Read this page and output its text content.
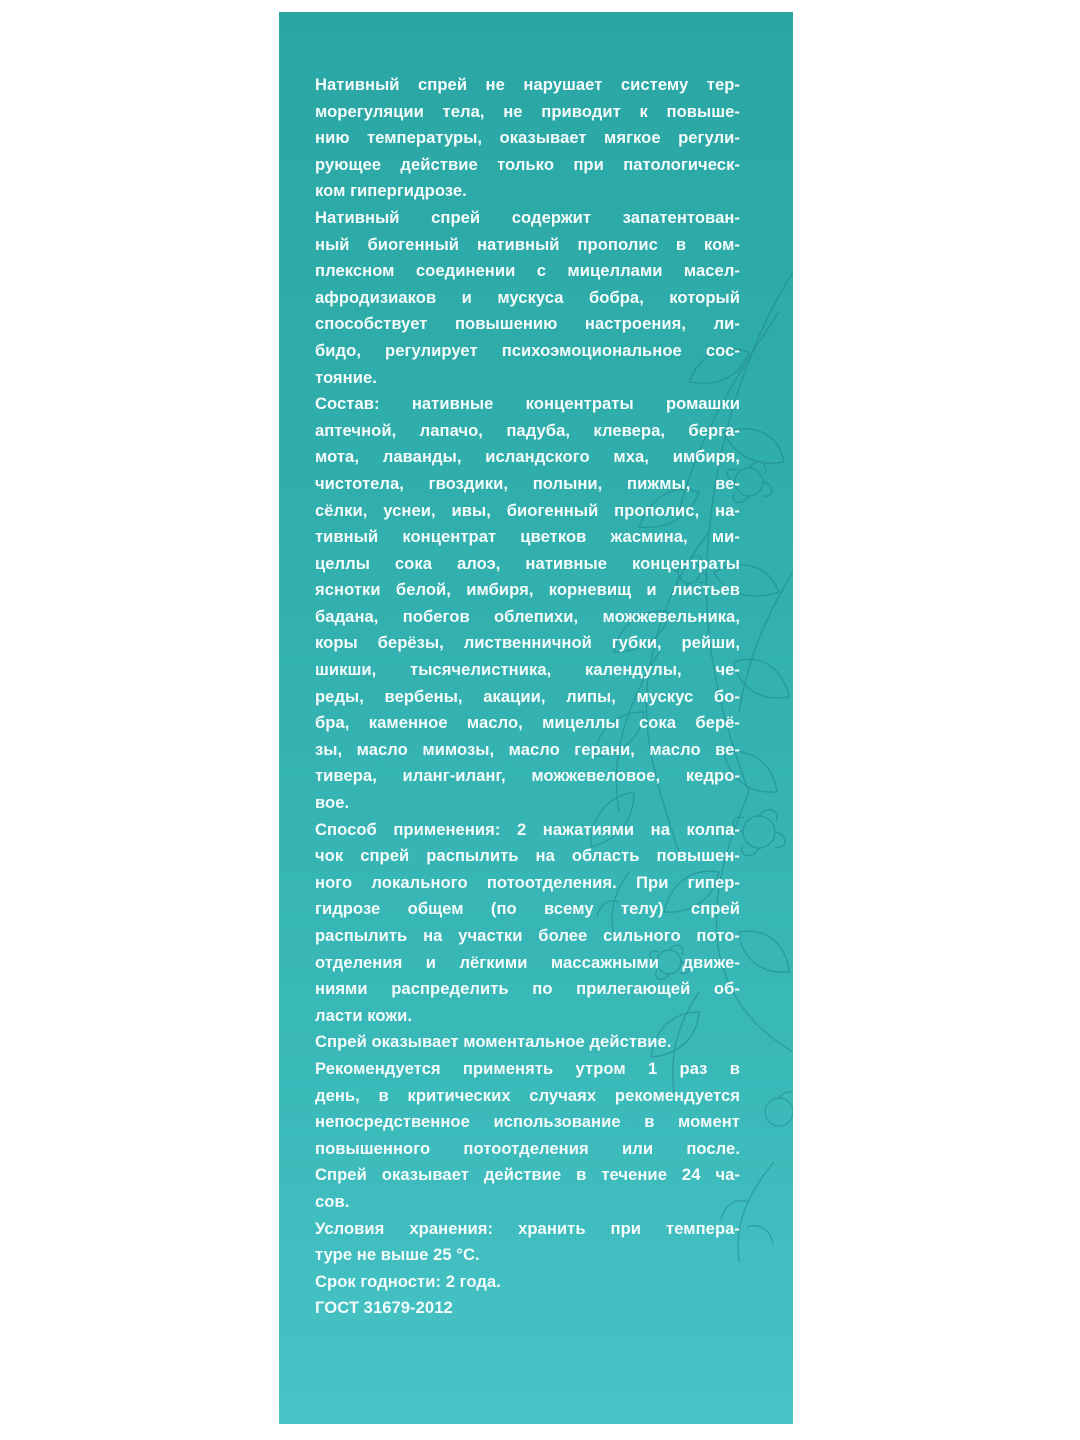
Нативный спрей не нарушает систему тер-
морегуляции тела, не приводит к повыше-
нию температуры, оказывает мягкое регули-
рующее действие только при патологическ-
ком гипергидрозе.
Нативный спрей содержит запатентован-
ный биогенный нативный прополис в ком-
плексном соединении с мицеллами масел-
афродизиаков и мускуса бобра, который
способствует повышению настроения, ли-
бидо, регулирует психоэмоциональное сос-
тояние.
Состав: нативные концентраты ромашки
аптечной, лапачо, падуба, клевера, берга-
мота, лаванды, исландского мха, имбиря,
чистотела, гвоздики, полыни, пижмы, ве-
сёлки, уснеи, ивы, биогенный прополис, на-
тивный концентрат цветков жасмина, ми-
целлы сока алоэ, нативные концентраты
яснотки белой, имбиря, корневищ и листьев
бадана, побегов облепихи, можжевельника,
коры берёзы, лиственничной губки, рейши,
шикши, тысячелистника, календулы, че-
реды, вербены, акации, липы, мускус бо-
бра, каменное масло, мицеллы сока берё-
зы, масло мимозы, масло герани, масло ве-
тивера, иланг-иланг, можжевеловое, кедро-
вое.
Способ применения: 2 нажатиями на колпа-
чок спрей распылить на область повышен-
ного локального потоотделения. При гипер-
гидрозе общем (по всему телу) спрей
распылить на участки более сильного пото-
отделения и лёгкими массажными движе-
ниями распределить по прилегающей об-
ласти кожи.
Спрей оказывает моментальное действие.
Рекомендуется применять утром 1 раз в
день, в критических случаях рекомендуется
непосредственное использование в момент
повышенного потоотделения или после.
Спрей оказывает действие в течение 24 ча-
сов.
Условия хранения: хранить при темпера-
туре не выше 25 °С.
Срок годности: 2 года.
ГОСТ 31679-2012
